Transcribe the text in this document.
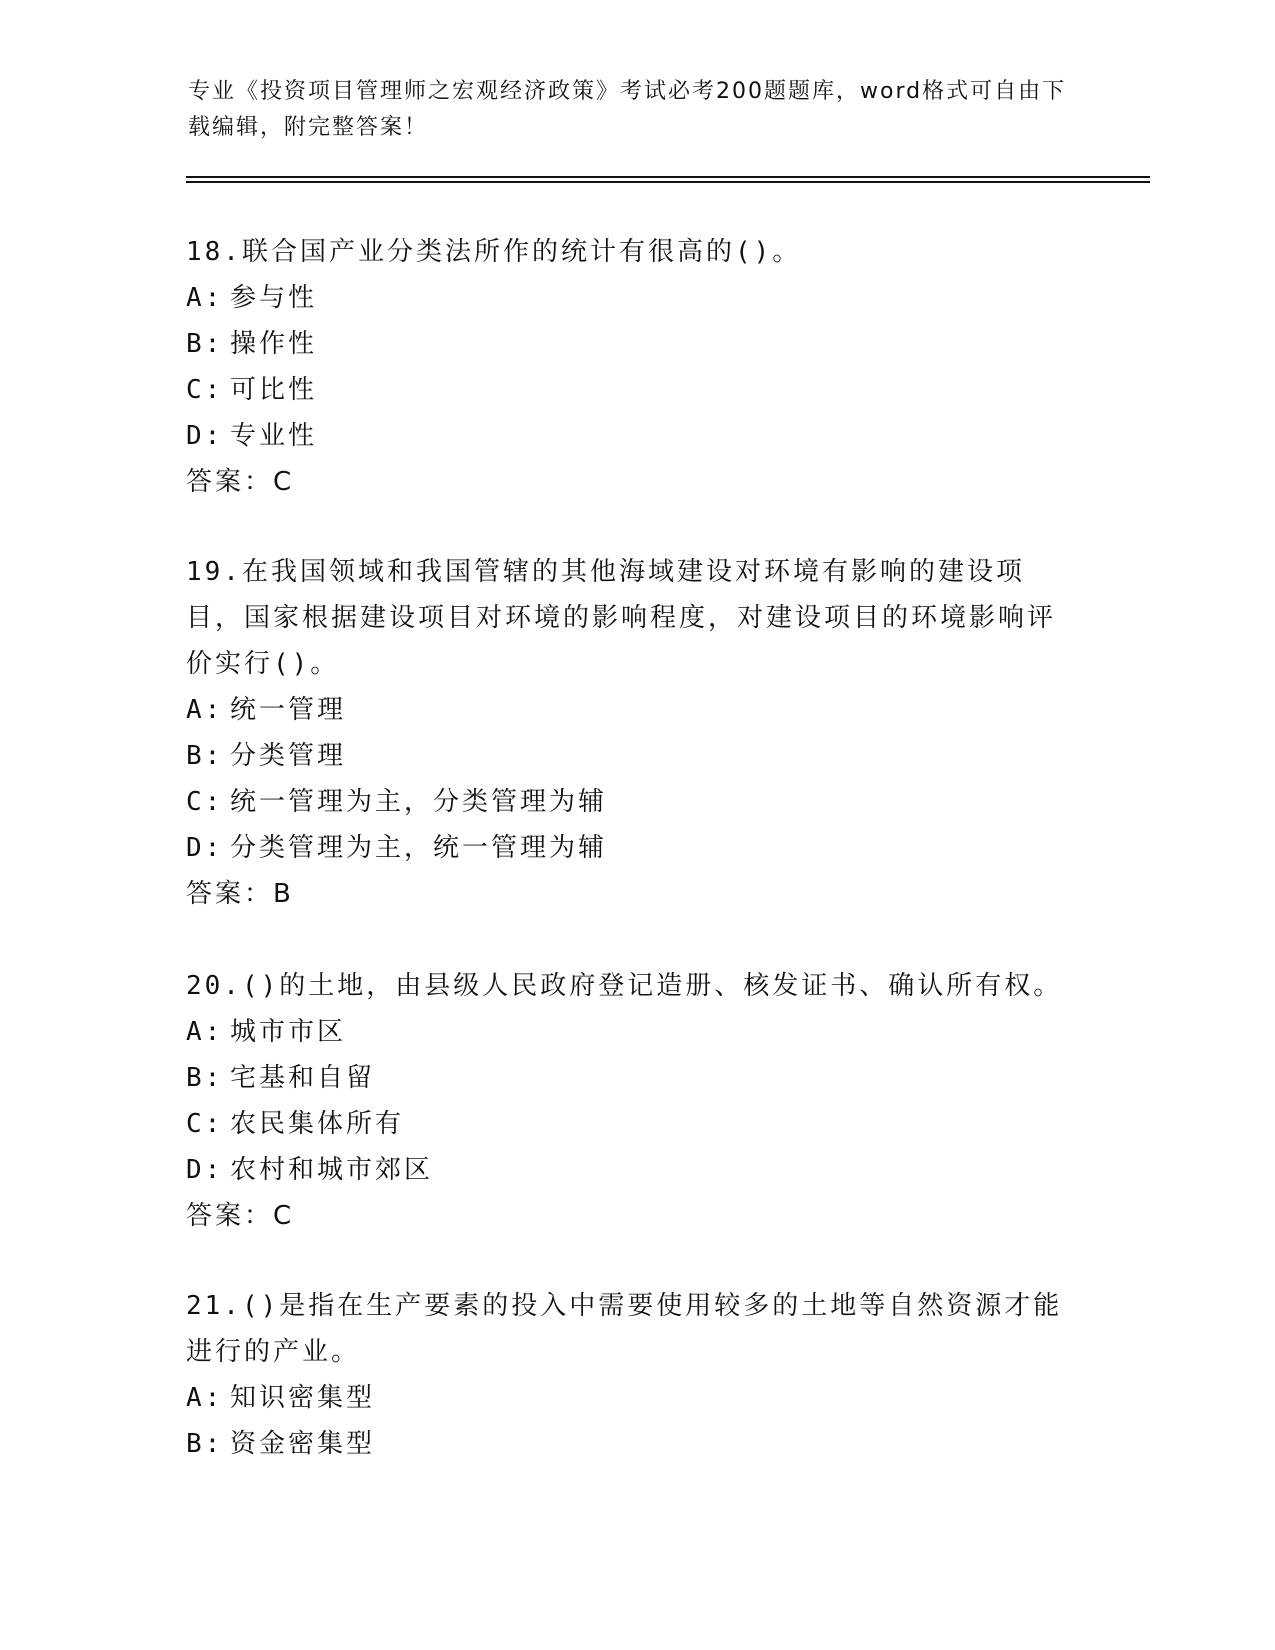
专业《投资项目管理师之宏观经济政策》考试必考200题题库，word格式可自由下载编辑，附完整答案！
18.联合国产业分类法所作的统计有很高的()。
A: 参与性
B: 操作性
C: 可比性
D: 专业性
答案：C
19.在我国领域和我国管辖的其他海域建设对环境有影响的建设项目，国家根据建设项目对环境的影响程度，对建设项目的环境影响评价实行()。
A: 统一管理
B: 分类管理
C: 统一管理为主，分类管理为辅
D: 分类管理为主，统一管理为辅
答案：B
20.()的土地，由县级人民政府登记造册、核发证书、确认所有权。
A: 城市市区
B: 宅基和自留
C: 农民集体所有
D: 农村和城市郊区
答案：C
21.()是指在生产要素的投入中需要使用较多的土地等自然资源才能进行的产业。
A: 知识密集型
B: 资金密集型
